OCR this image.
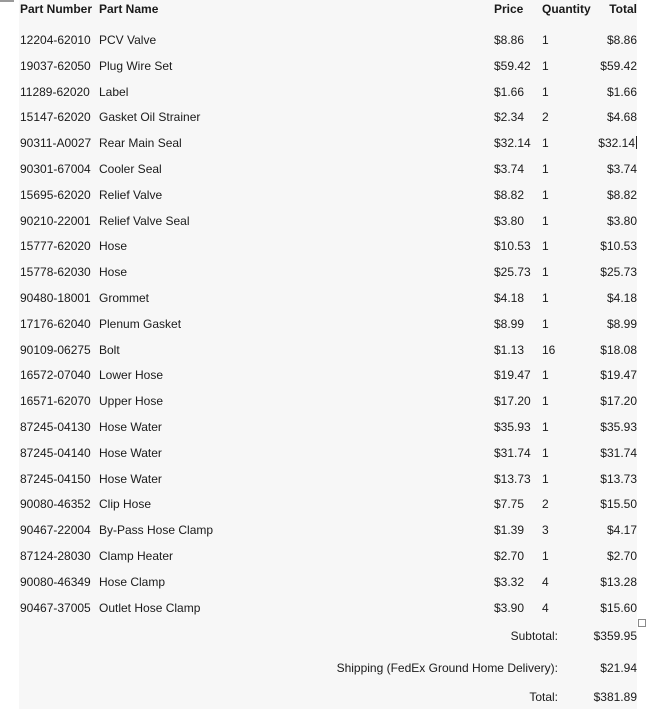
Part Number Part Name	Price Quantity Total
12204-62010 PCV Valve	$8.86 1	$8.86
19037-62050 Plug Wire Set	$59.42 1	$59.42
11289-62020 Label	$1.66 1	$1.66
15147-62020 Gasket Oil Strainer	$2.34 2	$4.68
90311-A0027 Rear Main Seal	$32.14 1	$32.14
90301-67004 Cooler Seal	$3.74 1	$3.74
15695-62020 Relief Valve	$8.82 1	$8.82
90210-22001 Relief Valve Seal	$3.80 1	$3.80
15777-62020 Hose	$10.53 1	$10.53
15778-62030 Hose	$25.73 1	$25.73
90480-18001 Grommet	$4.18 1	$4.18
17176-62040 Plenum Gasket	$8.99 1	$8.99
90109-06275 Bolt	$1.13 16	$18.08
16572-07040 Lower Hose	$19.47 1	$19.47
16571-62070 Upper Hose	$17.20 1	$17.20
87245-04130 Hose Water	$35.93 1	$35.93
87245-04140 Hose Water	$31.74 1	$31.74
87245-04150 Hose Water	$13.73 1	$13.73
90080-46352 Clip Hose	$7.75 2	$15.50
90467-22004 By-Pass Hose Clamp	$1.39 3	$4.17
87124-28030 Clamp Heater	$2.70 1	$2.70
90080-46349 Hose Clamp	$3.32 4	$13.28
90467-37005 Outlet Hose Clamp	$3.90 4	$15.60
Subtotal:	$359.95
Shipping (FedEx Ground Home Delivery):	$21.94
Total:	$381.89
